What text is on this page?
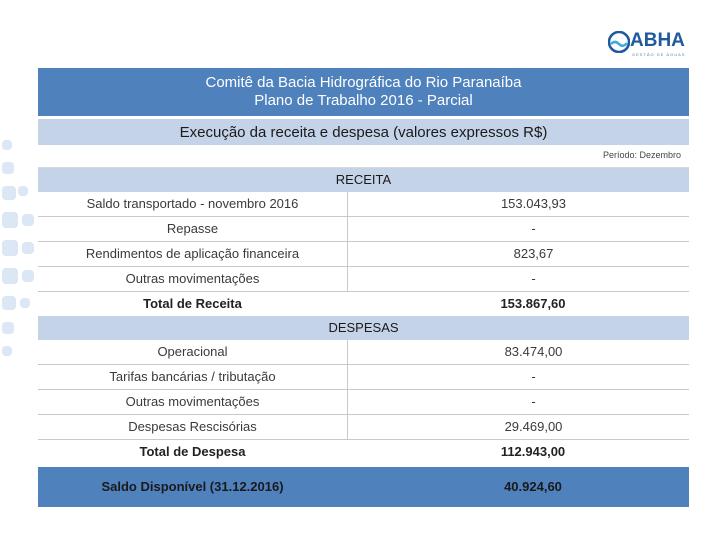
ABHA
GESTÃO DE ÁGUAS
Comitê da Bacia Hidrográfica do Rio Paranaíba
Plano de Trabalho 2016 - Parcial
Execução da receita e despesa (valores expressos R$)
Período: Dezembro
RECEITA
Saldo transportado - novembro 2016	153.043,93
Repasse	-
Rendimentos de aplicação financeira	823,67
Outras movimentações	-
Total de Receita	153.867,60
DESPESAS
Operacional	83.474,00
Tarifas bancárias / tributação	-
Outras movimentações	-
Despesas Rescisórias	29.469,00
Total de Despesa	112.943,00
Saldo Disponível (31.12.2016)	40.924,60
